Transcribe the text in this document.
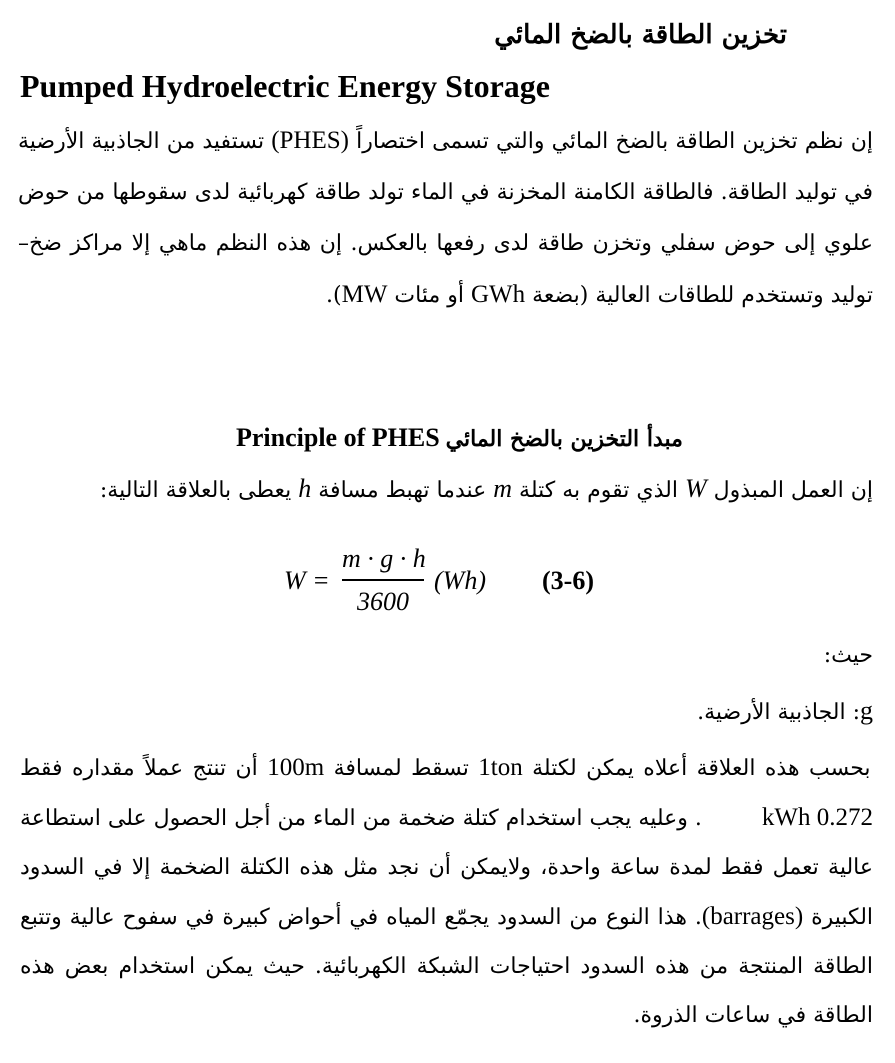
تخزين الطاقة بالضخ المائي
Pumped Hydroelectric Energy Storage
إن نظم تخزين الطاقة بالضخ المائي والتي تسمى اختصاراً (PHES) تستفيد من الجاذبية الأرضية في توليد الطاقة. فالطاقة الكامنة المخزنة في الماء تولد طاقة كهربائية لدى سقوطها من حوض علوي إلى حوض سفلي وتخزن طاقة لدى رفعها بالعكس. إن هذه النظم ماهي إلا مراكز ضخ– توليد وتستخدم للطاقات العالية (بضعة GWh أو مئات MW).
مبدأ التخزين بالضخ المائي Principle of PHES
إن العمل المبذول W الذي تقوم به كتلة m عندما تهبط مسافة h يعطى بالعلاقة التالية:
W =
m · g · h
3600
(Wh) (3-6)
حيث:
g: الجاذبية الأرضية.
بحسب هذه العلاقة أعلاه يمكن لكتلة 1ton تسقط لمسافة 100m أن تنتج عملاً مقداره فقط 0.272 kWh. وعليه يجب استخدام كتلة ضخمة من الماء من أجل الحصول على استطاعة عالية تعمل فقط لمدة ساعة واحدة، ولايمكن أن نجد مثل هذه الكتلة الضخمة إلا في السدود الكبيرة (barrages). هذا النوع من السدود يجمّع المياه في أحواض كبيرة في سفوح عالية وتتبع الطاقة المنتجة من هذه السدود احتياجات الشبكة الكهربائية. حيث يمكن استخدام بعض هذه الطاقة في ساعات الذروة.
